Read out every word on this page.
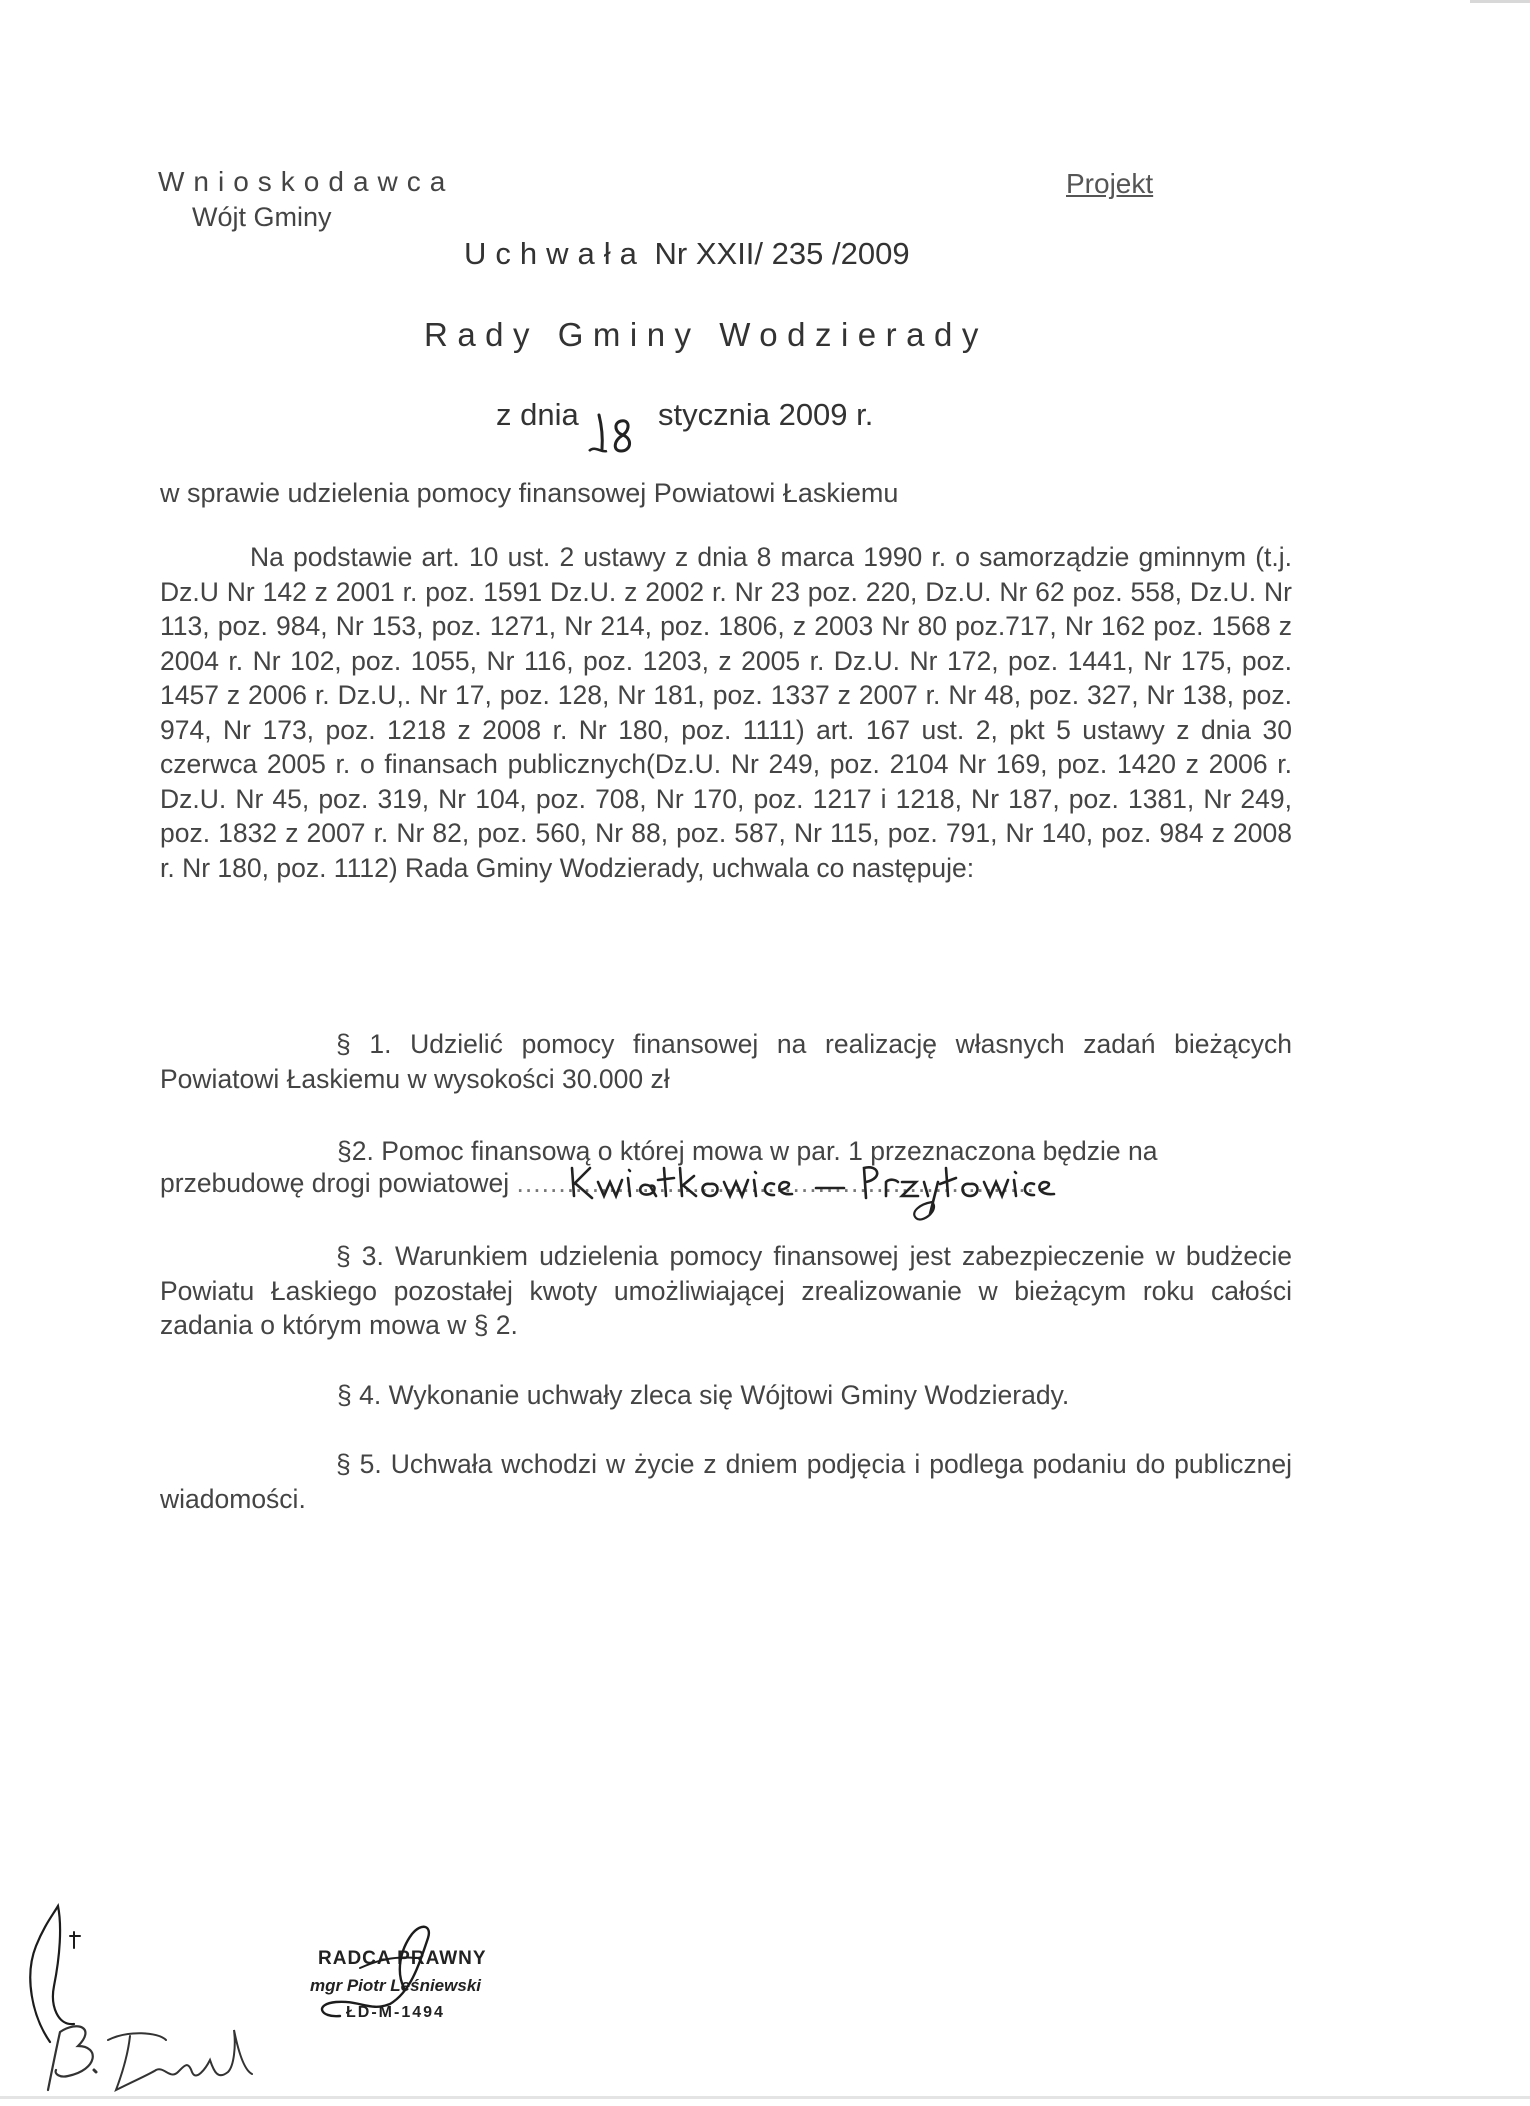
Wnioskodawca
Wójt Gminy
Projekt
Uchwała Nr XXII/ 235 /2009
Rady Gminy Wodzierady
z dnia	stycznia 2009 r.
w sprawie udzielenia pomocy finansowej Powiatowi Łaskiemu
Na podstawie art. 10 ust. 2 ustawy z dnia 8 marca 1990 r. o samorządzie gminnym (t.j. Dz.U Nr 142 z 2001 r. poz. 1591 Dz.U. z 2002 r. Nr 23 poz. 220, Dz.U. Nr 62 poz. 558, Dz.U. Nr 113, poz. 984, Nr 153, poz. 1271, Nr 214, poz. 1806, z 2003 Nr 80 poz.717, Nr 162 poz. 1568 z 2004 r. Nr 102, poz. 1055, Nr 116, poz. 1203, z 2005 r. Dz.U. Nr 172, poz. 1441, Nr 175, poz. 1457 z 2006 r. Dz.U,. Nr 17, poz. 128, Nr 181, poz. 1337 z 2007 r. Nr 48, poz. 327, Nr 138, poz. 974, Nr 173, poz. 1218 z 2008 r. Nr 180, poz. 1111) art. 167 ust. 2, pkt 5 ustawy z dnia 30 czerwca 2005 r. o finansach publicznych(Dz.U. Nr 249, poz. 2104 Nr 169, poz. 1420 z 2006 r. Dz.U. Nr 45, poz. 319, Nr 104, poz. 708, Nr 170, poz. 1217 i 1218, Nr 187, poz. 1381, Nr 249, poz. 1832 z 2007 r. Nr 82, poz. 560, Nr 88, poz. 587, Nr 115, poz. 791, Nr 140, poz. 984 z 2008 r. Nr 180, poz. 1112) Rada Gminy Wodzierady, uchwala co następuje:
§ 1. Udzielić pomocy finansowej na realizację własnych zadań bieżących Powiatowi Łaskiemu w wysokości 30.000 zł
§2. Pomoc finansową o której mowa w par. 1 przeznaczona będzie na
przebudowę drogi powiatowej ..............................................................
§ 3. Warunkiem udzielenia pomocy finansowej jest zabezpieczenie w budżecie Powiatu Łaskiego pozostałej kwoty umożliwiającej zrealizowanie w bieżącym roku całości zadania o którym mowa w § 2.
§ 4. Wykonanie uchwały zleca się Wójtowi Gminy Wodzierady.
§ 5. Uchwała wchodzi w życie z dniem podjęcia i podlega podaniu do publicznej wiadomości.
RADCA PRAWNY
mgr Piotr Leśniewski
ŁD-M-1494
